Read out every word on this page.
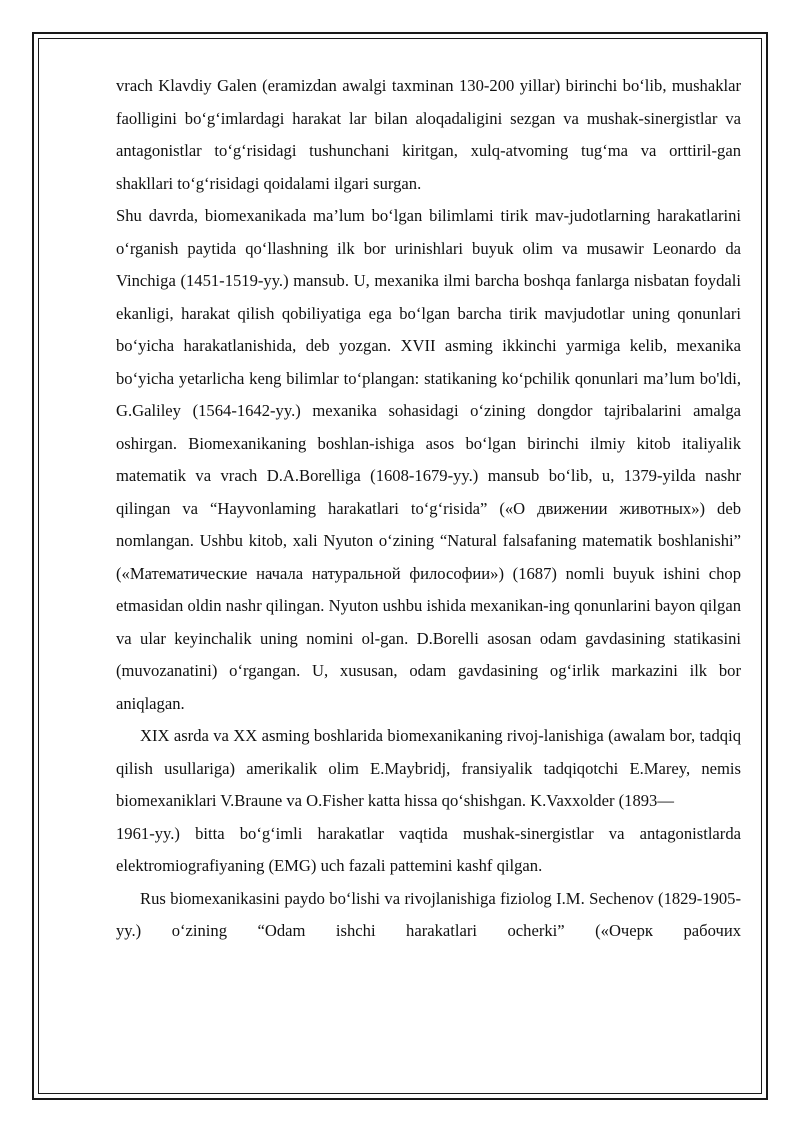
vrach Klavdiy Galen (eramizdan awalgi taxminan 130-200 yillar) birinchi bo‘lib, mushaklar faolligini bo‘g‘imlardagi harakat lar bilan aloqadaligini sezgan va mushak-sinergistlar va antagonistlar to‘g‘risidagi tushunchani kiritgan, xulq-atvoming tug‘ma va orttiril-gan shakllari to‘g‘risidagi qoidalami ilgari surgan.

Shu davrda, biomexanikada ma’lum bo‘lgan bilimlami tirik mav-judotlarning harakatlarini o‘rganish paytida qo‘llashning ilk bor urinishlari buyuk olim va musawir Leonardo da Vinchiga (1451-1519-yy.) mansub. U, mexanika ilmi barcha boshqa fanlarga nisbatan foydali ekanligi, harakat qilish qobiliyatiga ega bo‘lgan barcha tirik mavjudotlar uning qonunlari bo‘yicha harakatlanishida, deb yozgan. XVII asming ikkinchi yarmiga kelib, mexanika bo‘yicha yetarlicha keng bilimlar to‘plangan: statikaning ko‘pchilik qonunlari ma’lum bo'ldi, G.Galiley (1564-1642-yy.) mexanika sohasidagi o‘zining dongdor tajribalarini amalga oshirgan. Biomexanikaning boshlan-ishiga asos bo‘lgan birinchi ilmiy kitob italiyalik matematik va vrach D.A.Borelliga (1608-1679-yy.) mansub bo‘lib, u, 1379-yilda nashr qilingan va “Hayvonlaming harakatlari to‘g‘risida” («О движении животных») deb nomlangan. Ushbu kitob, xali Nyuton o‘zining “Natural falsafaning matematik boshlanishi” («Математические начала натуральной философии») (1687) nomli buyuk ishini chop etmasidan oldin nashr qilingan. Nyuton ushbu ishida mexanikan-ing qonunlarini bayon qilgan va ular keyinchalik uning nomini ol-gan. D.Borelli asosan odam gavdasining statikasini (muvozanatini) o‘rgangan. U, xususan, odam gavdasining og‘irlik markazini ilk bor aniqlagan.

XIX asrda va XX asming boshlarida biomexanikaning rivoj-lanishiga (awalam bor, tadqiq qilish usullariga) amerikalik olim E.Maybridj, fransiyalik tadqiqotchi E.Marey, nemis biomexaniklari V.Braune va O.Fisher katta hissa qo‘shishgan. K.Vaxxolder (1893—

1961-yy.) bitta bo‘g‘imli harakatlar vaqtida mushak-sinergistlar va antagonistlarda elektromiografiyaning (EMG) uch fazali pattemini kashf qilgan.

Rus biomexanikasini paydo bo‘lishi va rivojlanishiga fiziolog I.M. Sechenov (1829-1905-yy.) o‘zining “Odam ishchi harakatlari ocherki” («Очерк рабочих
